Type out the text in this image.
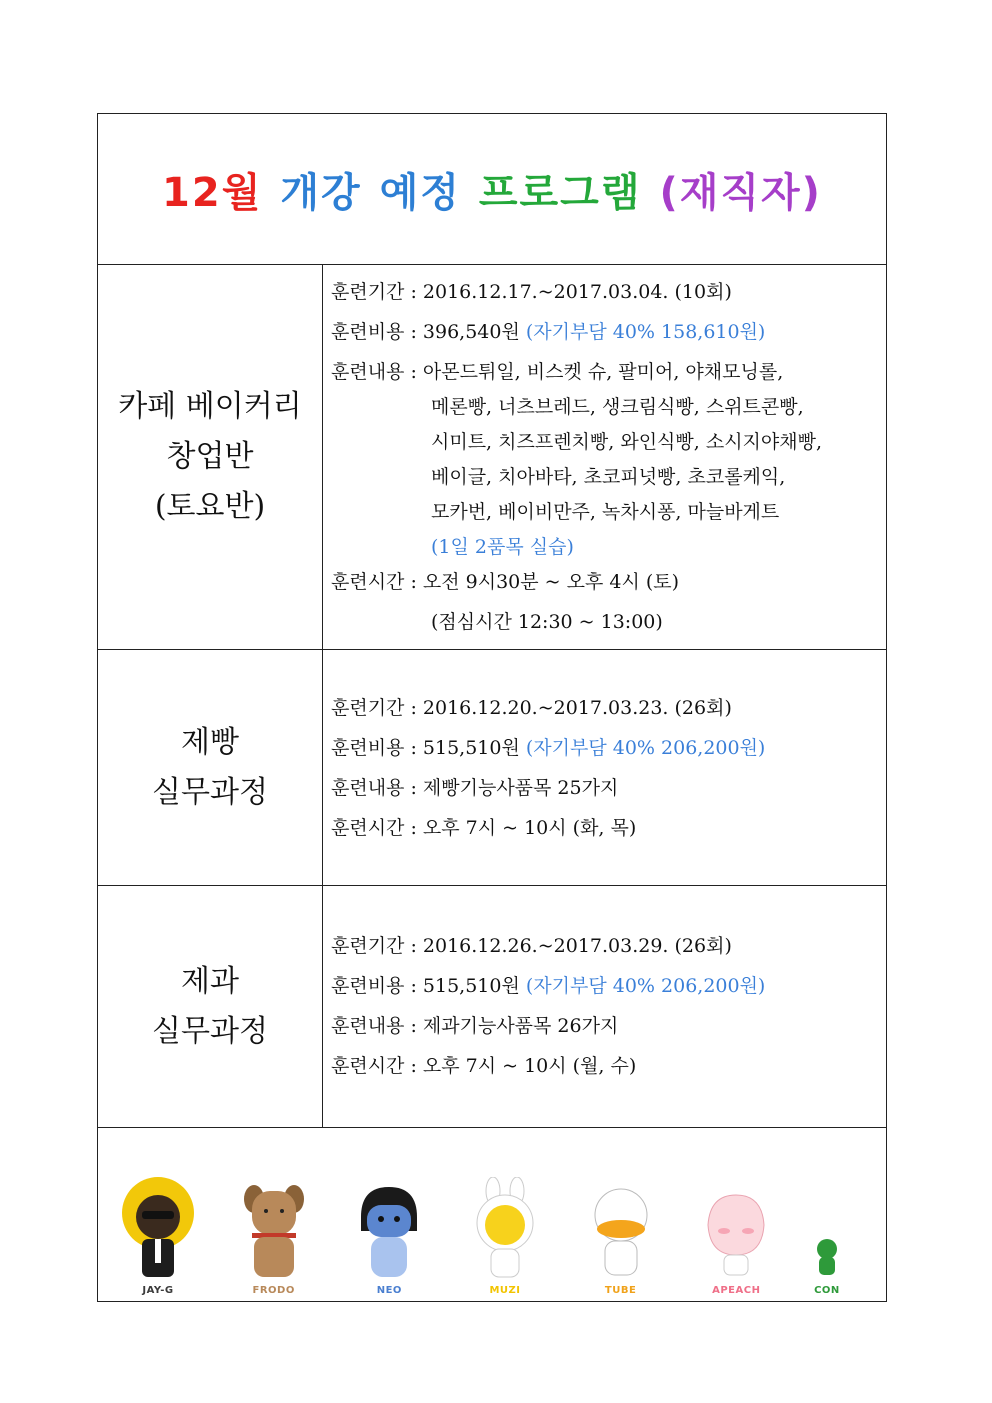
12월 개강 예정 프로그램 (재직자)
카페 베이커리
창업반
(토요반)
훈련기간 : 2016.12.17.~2017.03.04. (10회)
훈련비용 : 396,540원 (자기부담 40% 158,610원)
훈련내용 : 아몬드튀일, 비스켓 슈, 팔미어, 야채모닝롤,
메론빵, 너츠브레드, 생크림식빵, 스위트콘빵,
시미트, 치즈프렌치빵, 와인식빵, 소시지야채빵,
베이글, 치아바타, 초코피넛빵, 초코롤케익,
모카번, 베이비만주, 녹차시퐁, 마늘바게트
(1일 2품목 실습)
훈련시간 : 오전 9시30분 ~ 오후 4시 (토)
(점심시간 12:30 ~ 13:00)
제빵
실무과정
훈련기간 : 2016.12.20.~2017.03.23. (26회)
훈련비용 : 515,510원 (자기부담 40% 206,200원)
훈련내용 : 제빵기능사품목 25가지
훈련시간 : 오후 7시 ~ 10시 (화, 목)
제과
실무과정
훈련기간 : 2016.12.26.~2017.03.29. (26회)
훈련비용 : 515,510원 (자기부담 40% 206,200원)
훈련내용 : 제과기능사품목 26가지
훈련시간 : 오후 7시 ~ 10시 (월, 수)
JAY-G	FRODO	NEO	MUZI	TUBE	APEACH	CON
